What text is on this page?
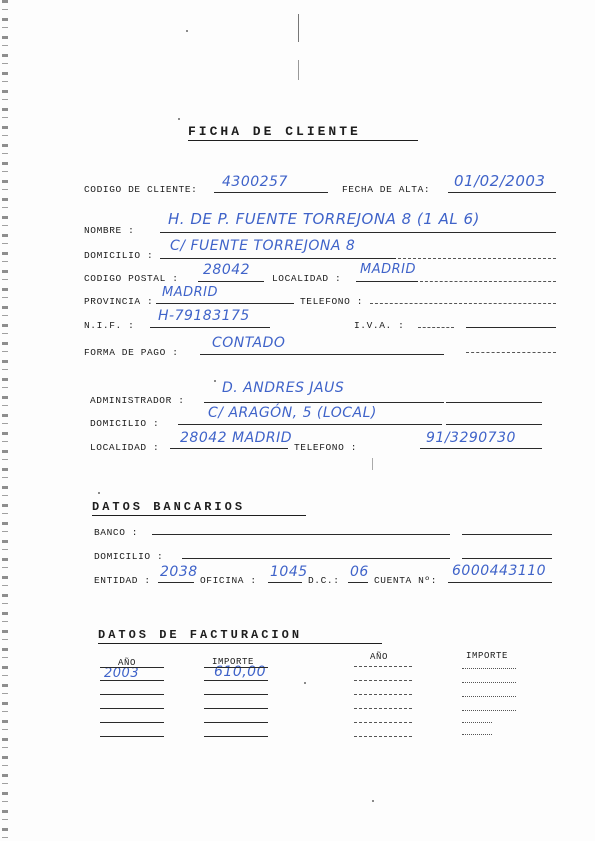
FICHA DE CLIENTE
CODIGO DE CLIENTE: 4300257	FECHA DE ALTA: 01/02/2003
NOMBRE :
H. DE P. FUENTE TORREJONA 8 (1 AL 6)
DOMICILIO :
C/ FUENTE TORREJONA 8
CODIGO POSTAL :
28042
LOCALIDAD :
MADRID
PROVINCIA :
MADRID
TELEFONO :
N.I.F. :
H-79183175
I.V.A. :
FORMA DE PAGO :
CONTADO
ADMINISTRADOR :
D. ANDRES JAUS
DOMICILIO :
C/ ARAGÓN, 5 (LOCAL)
LOCALIDAD :
28042 MADRID
TELEFONO :
91/3290730
DATOS BANCARIOS
BANCO :
DOMICILIO :
ENTIDAD :
2038
OFICINA :
1045
D.C.:
06
CUENTA Nº:
6000443110
DATOS DE FACTURACION
AÑO	IMPORTE	AÑO	IMPORTE
2003	610,00
